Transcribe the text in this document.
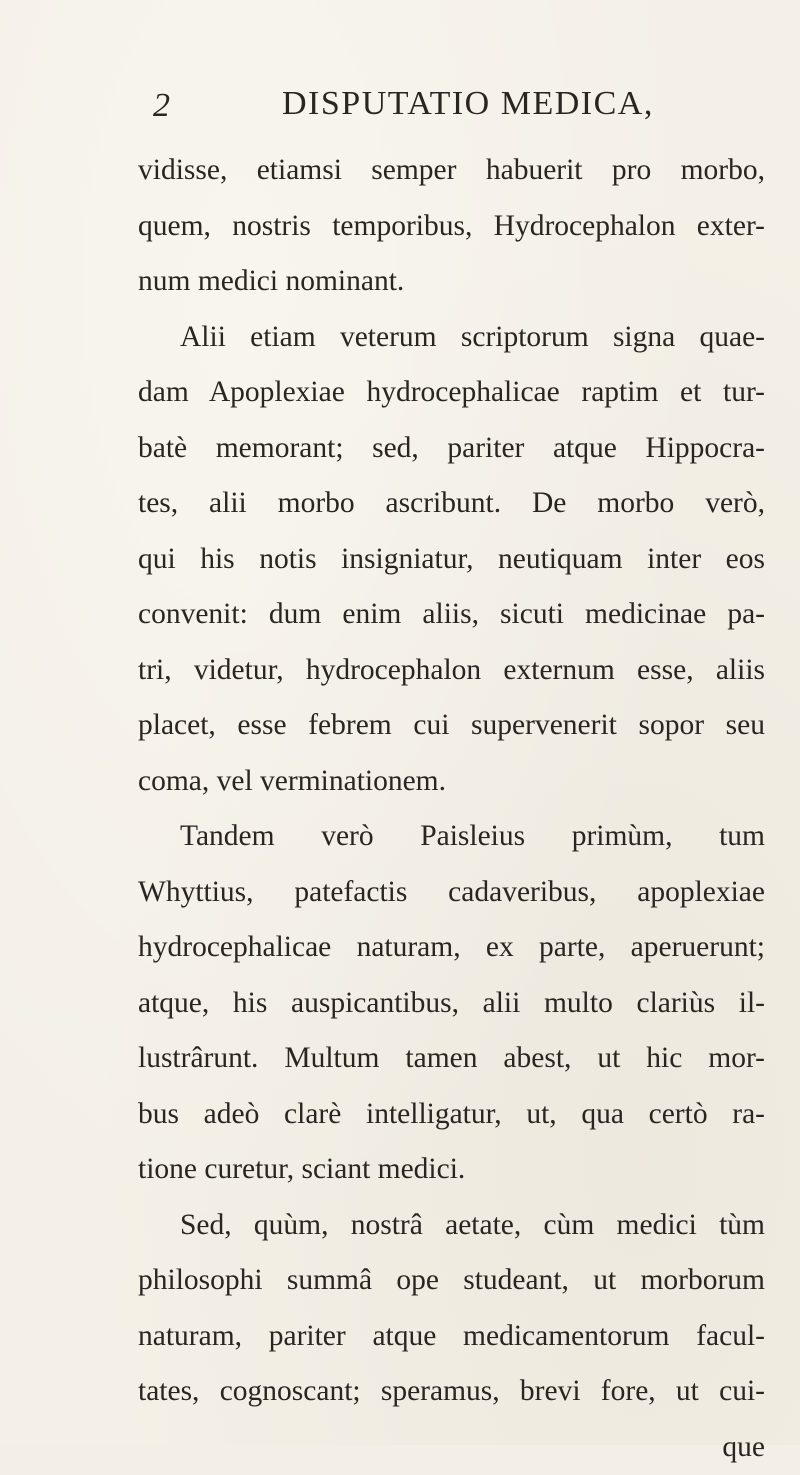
2	DISPUTATIO MEDICA,
vidisse, etiamsi semper habuerit pro morbo,
quem, nostris temporibus, Hydrocephalon exter-
num medici nominant.
Alii etiam veterum scriptorum signa quae-
dam Apoplexiae hydrocephalicae raptim et tur-
batè memorant; sed, pariter atque Hippocra-
tes, alii morbo ascribunt. De morbo verò,
qui his notis insigniatur, neutiquam inter eos
convenit: dum enim aliis, sicuti medicinae pa-
tri, videtur, hydrocephalon externum esse, aliis
placet, esse febrem cui supervenerit sopor seu
coma, vel verminationem.
Tandem verò Paisleius primùm, tum
Whyttius, patefactis cadaveribus, apoplexiae
hydrocephalicae naturam, ex parte, aperuerunt;
atque, his auspicantibus, alii multo clariùs il-
lustrârunt. Multum tamen abest, ut hic mor-
bus adeò clarè intelligatur, ut, qua certò ra-
tione curetur, sciant medici.
Sed, quùm, nostrâ aetate, cùm medici tùm
philosophi summâ ope studeant, ut morborum
naturam, pariter atque medicamentorum facul-
tates, cognoscant; speramus, brevi fore, ut cui-
que
